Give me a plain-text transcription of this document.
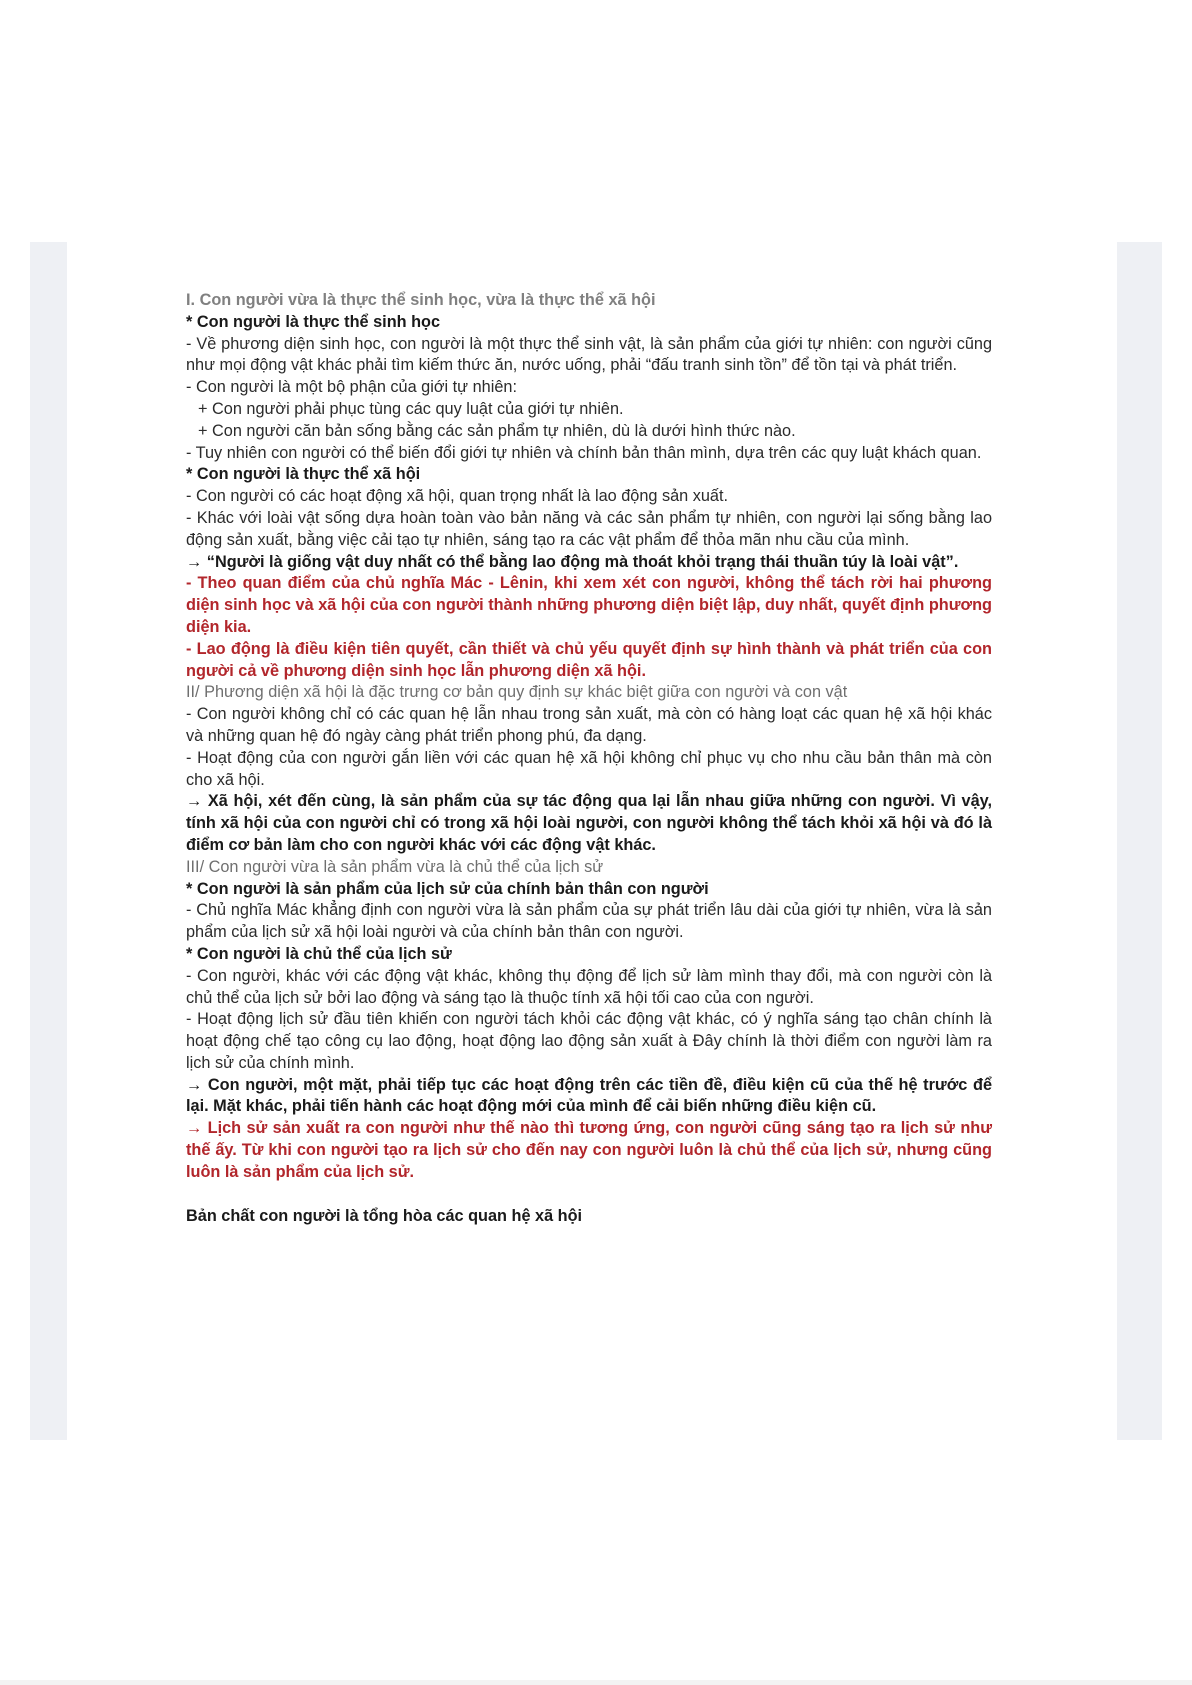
I. Con người vừa là thực thể sinh học, vừa là thực thể xã hội

* Con người là thực thể sinh học

- Về phương diện sinh học, con người là một thực thể sinh vật, là sản phẩm của giới tự nhiên: con người cũng như mọi động vật khác phải tìm kiếm thức ăn, nước uống, phải “đấu tranh sinh tồn” để tồn tại và phát triển.

- Con người là một bộ phận của giới tự nhiên:

+ Con người phải phục tùng các quy luật của giới tự nhiên.

+ Con người căn bản sống bằng các sản phẩm tự nhiên, dù là dưới hình thức nào.

- Tuy nhiên con người có thể biến đổi giới tự nhiên và chính bản thân mình, dựa trên các quy luật khách quan.

* Con người là thực thể xã hội

- Con người có các hoạt động xã hội, quan trọng nhất là lao động sản xuất.

- Khác với loài vật sống dựa hoàn toàn vào bản năng và các sản phẩm tự nhiên, con người lại sống bằng lao động sản xuất, bằng việc cải tạo tự nhiên, sáng tạo ra các vật phẩm để thỏa mãn nhu cầu của mình.

→ “Người là giống vật duy nhất có thể bằng lao động mà thoát khỏi trạng thái thuần túy là loài vật”.

- Theo quan điểm của chủ nghĩa Mác - Lênin, khi xem xét con người, không thể tách rời hai phương diện sinh học và xã hội của con người thành những phương diện biệt lập, duy nhất, quyết định phương diện kia.

- Lao động là điều kiện tiên quyết, cần thiết và chủ yếu quyết định sự hình thành và phát triển của con người cả về phương diện sinh học lẫn phương diện xã hội.

II/ Phương diện xã hội là đặc trưng cơ bản quy định sự khác biệt giữa con người và con vật

- Con người không chỉ có các quan hệ lẫn nhau trong sản xuất, mà còn có hàng loạt các quan hệ xã hội khác và những quan hệ đó ngày càng phát triển phong phú, đa dạng.

- Hoạt động của con người gắn liền với các quan hệ xã hội không chỉ phục vụ cho nhu cầu bản thân mà còn cho xã hội.

→ Xã hội, xét đến cùng, là sản phẩm của sự tác động qua lại lẫn nhau giữa những con người. Vì vậy, tính xã hội của con người chỉ có trong xã hội loài người, con người không thể tách khỏi xã hội và đó là điểm cơ bản làm cho con người khác với các động vật khác.

III/ Con người vừa là sản phẩm vừa là chủ thể của lịch sử

* Con người là sản phẩm của lịch sử của chính bản thân con người

- Chủ nghĩa Mác khẳng định con người vừa là sản phẩm của sự phát triển lâu dài của giới tự nhiên, vừa là sản phẩm của lịch sử xã hội loài người và của chính bản thân con người.

* Con người là chủ thể của lịch sử

- Con người, khác với các động vật khác, không thụ động để lịch sử làm mình thay đổi, mà con người còn là chủ thể của lịch sử bởi lao động và sáng tạo là thuộc tính xã hội tối cao của con người.

- Hoạt động lịch sử đầu tiên khiến con người tách khỏi các động vật khác, có ý nghĩa sáng tạo chân chính là hoạt động chế tạo công cụ lao động, hoạt động lao động sản xuất à Đây chính là thời điểm con người làm ra lịch sử của chính mình.

→ Con người, một mặt, phải tiếp tục các hoạt động trên các tiền đề, điều kiện cũ của thế hệ trước để lại. Mặt khác, phải tiến hành các hoạt động mới của mình để cải biến những điều kiện cũ.

→ Lịch sử sản xuất ra con người như thế nào thì tương ứng, con người cũng sáng tạo ra lịch sử như thế ấy. Từ khi con người tạo ra lịch sử cho đến nay con người luôn là chủ thể của lịch sử, nhưng cũng luôn là sản phẩm của lịch sử.

Bản chất con người là tổng hòa các quan hệ xã hội
